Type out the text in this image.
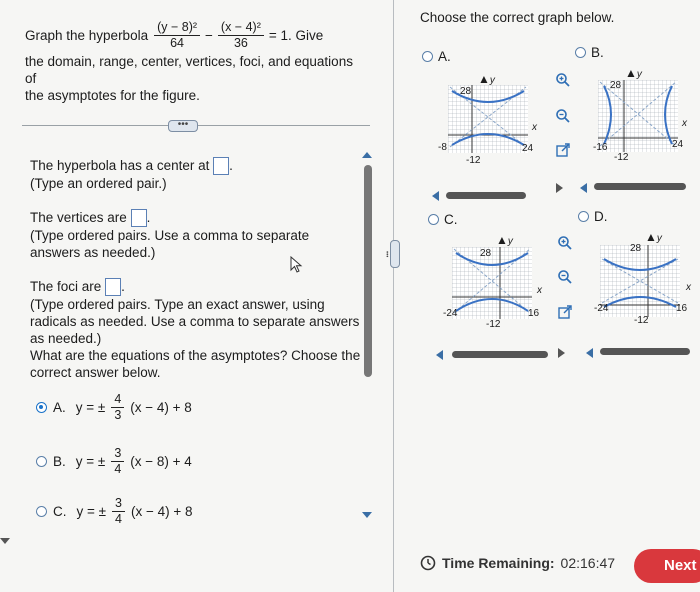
Graph the hyperbola $\frac{\text{(y − 8)²}}{64} - \frac{\text{(x − 4)²}}{36} = 1$. Give
the domain, range, center, vertices, foci, and equations of
the asymptotes for the figure.
•••
The hyperbola has a center at .
(Type an ordered pair.)
The vertices are .
(Type ordered pairs. Use a comma to separate
answers as needed.)
The foci are .
(Type ordered pairs. Type an exact answer, using
radicals as needed. Use a comma to separate answers
as needed.)
What are the equations of the asymptotes? Choose the
correct answer below.
A. y = ± $\frac{4}{3} (x - 4) + 8$
B. y = ± $\frac{3}{4} (x - 8) + 4$
C. y = ± $\frac{3}{4} (x - 4) + 8$
•••
Choose the correct graph below.
A.	B.
C.	D.
▲y
28
-8
-12
24
x
▲y
28
-16
-12
24
x
▲y
28
-24
-12
16
x
▲y
28
-24
-12
16
x
Time Remaining: 02:16:47	Next
